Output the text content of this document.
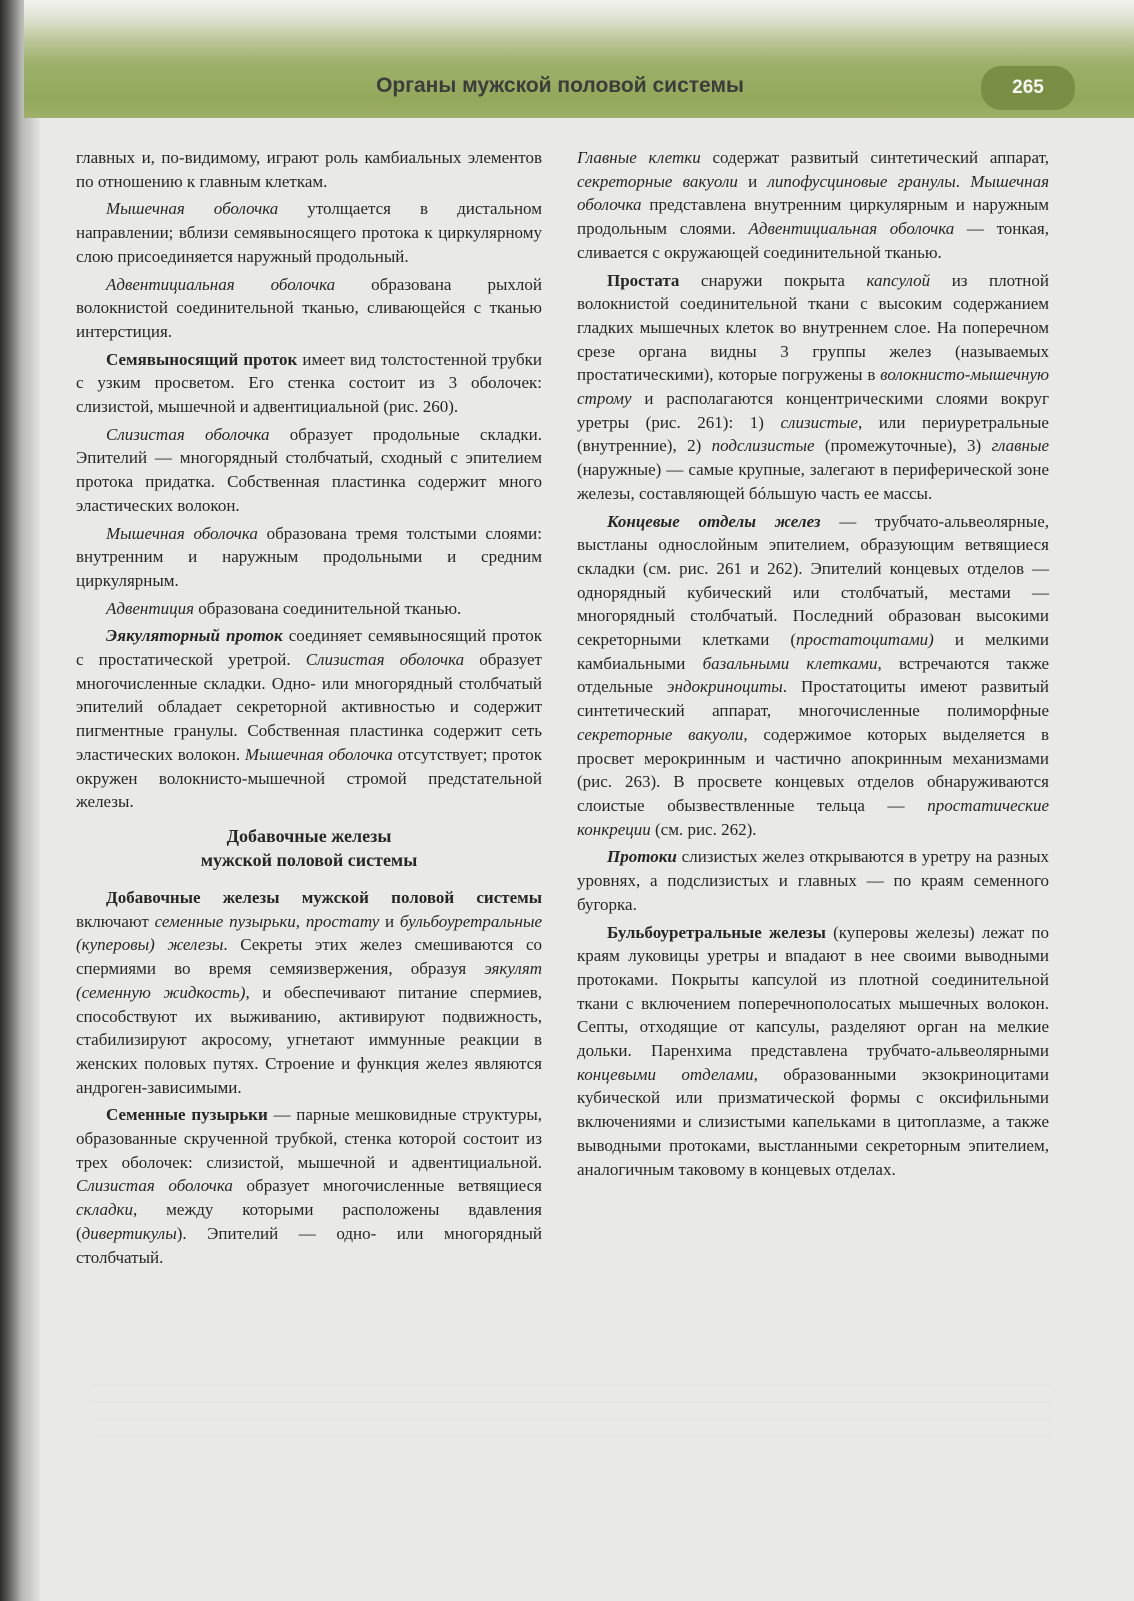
Органы мужской половой системы	265

главных и, по-видимому, играют роль камбиальных элементов по отношению к главным клеткам.

Мышечная оболочка утолщается в дистальном направлении; вблизи семявыносящего протока к циркулярному слою присоединяется наружный продольный.

Адвентициальная оболочка образована рыхлой волокнистой соединительной тканью, сливающейся с тканью интерстиция.

Семявыносящий проток имеет вид толстостенной трубки с узким просветом. Его стенка состоит из 3 оболочек: слизистой, мышечной и адвентициальной (рис. 260).

Слизистая оболочка образует продольные складки. Эпителий — многорядный столбчатый, сходный с эпителием протока придатка. Собственная пластинка содержит много эластических волокон.

Мышечная оболочка образована тремя толстыми слоями: внутренним и наружным продольными и средним циркулярным.

Адвентиция образована соединительной тканью.

Эякуляторный проток соединяет семявыносящий проток с простатической уретрой. Слизистая оболочка образует многочисленные складки. Одно- или многорядный столбчатый эпителий обладает секреторной активностью и содержит пигментные гранулы. Собственная пластинка содержит сеть эластических волокон. Мышечная оболочка отсутствует; проток окружен волокнисто-мышечной стромой предстательной железы.

Добавочные железы
мужской половой системы

Добавочные железы мужской половой системы включают семенные пузырьки, простату и бульбоуретральные (куперовы) железы. Секреты этих желез смешиваются со спермиями во время семяизвержения, образуя эякулят (семенную жидкость), и обеспечивают питание спермиев, способствуют их выживанию, активируют подвижность, стабилизируют акросому, угнетают иммунные реакции в женских половых путях. Строение и функция желез являются андроген-зависимыми.

Семенные пузырьки — парные мешковидные структуры, образованные скрученной трубкой, стенка которой состоит из трех оболочек: слизистой, мышечной и адвентициальной. Слизистая оболочка образует многочисленные ветвящиеся складки, между которыми расположены вдавления (дивертикулы). Эпителий — одно- или многорядный столбчатый.

Главные клетки содержат развитый синтетический аппарат, секреторные вакуоли и липофусциновые гранулы. Мышечная оболочка представлена внутренним циркулярным и наружным продольным слоями. Адвентициальная оболочка — тонкая, сливается с окружающей соединительной тканью.

Простата снаружи покрыта капсулой из плотной волокнистой соединительной ткани с высоким содержанием гладких мышечных клеток во внутреннем слое. На поперечном срезе органа видны 3 группы желез (называемых простатическими), которые погружены в волокнисто-мышечную строму и располагаются концентрическими слоями вокруг уретры (рис. 261): 1) слизистые, или периуретральные (внутренние), 2) подслизистые (промежуточные), 3) главные (наружные) — самые крупные, залегают в периферической зоне железы, составляющей бóльшую часть ее массы.

Концевые отделы желез — трубчато-альвеолярные, выстланы однослойным эпителием, образующим ветвящиеся складки (см. рис. 261 и 262). Эпителий концевых отделов — однорядный кубический или столбчатый, местами — многорядный столбчатый. Последний образован высокими секреторными клетками (простатоцитами) и мелкими камбиальными базальными клетками, встречаются также отдельные эндокриноциты. Простатоциты имеют развитый синтетический аппарат, многочисленные полиморфные секреторные вакуоли, содержимое которых выделяется в просвет мерокринным и частично апокринным механизмами (рис. 263). В просвете концевых отделов обнаруживаются слоистые обызвествленные тельца — простатические конкреции (см. рис. 262).

Протоки слизистых желез открываются в уретру на разных уровнях, а подслизистых и главных — по краям семенного бугорка.

Бульбоуретральные железы (куперовы железы) лежат по краям луковицы уретры и впадают в нее своими выводными протоками. Покрыты капсулой из плотной соединительной ткани с включением поперечнополосатых мышечных волокон. Септы, отходящие от капсулы, разделяют орган на мелкие дольки. Паренхима представлена трубчато-альвеолярными концевыми отделами, образованными экзокриноцитами кубической или призматической формы с оксифильными включениями и слизистыми капельками в цитоплазме, а также выводными протоками, выстланными секреторным эпителием, аналогичным таковому в концевых отделах.
